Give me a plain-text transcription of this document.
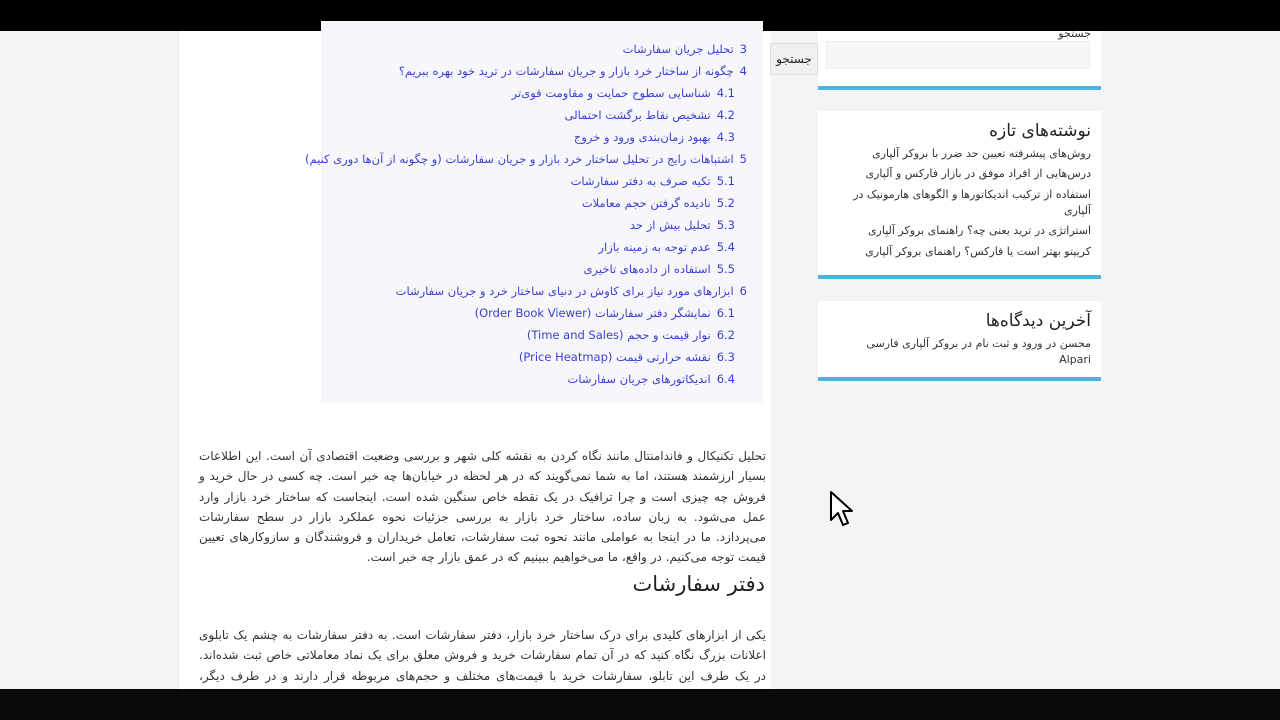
3تحلیل جریان سفارشات
4چگونه از ساختار خرد بازار و جریان سفارشات در ترید خود بهره ببریم؟
4.1شناسایی سطوح حمایت و مقاومت قوی‌تر
4.2تشخیص نقاط برگشت احتمالی
4.3بهبود زمان‌بندی ورود و خروج
5اشتباهات رایج در تحلیل ساختار خرد بازار و جریان سفارشات (و چگونه از آن‌ها دوری کنیم)
5.1تکیه صرف به دفتر سفارشات
5.2نادیده گرفتن حجم معاملات
5.3تحلیل بیش از حد
5.4عدم توجه به زمینه بازار
5.5استفاده از داده‌های تاخیری
6ابزارهای مورد نیاز برای کاوش در دنیای ساختار خرد و جریان سفارشات
6.1نمایشگر دفتر سفارشات (Order Book Viewer)
6.2نوار قیمت و حجم (Time and Sales)
6.3نقشه حرارتی قیمت (Price Heatmap)
6.4اندیکاتورهای جریان سفارشات

تحلیل تکنیکال و فاندامنتال مانند نگاه کردن به نقشه کلی شهر و بررسی وضعیت اقتصادی آن است. این اطلاعات بسیار ارزشمند هستند، اما به شما نمی‌گویند که در هر لحظه در خیابان‌ها چه خبر است. چه کسی در حال خرید و فروش چه چیزی است و چرا ترافیک در یک نقطه خاص سنگین شده است. اینجاست که ساختار خرد بازار وارد عمل می‌شود. به زبان ساده، ساختار خرد بازار به بررسی جزئیات نحوه عملکرد بازار در سطح سفارشات می‌پردازد. ما در اینجا به عواملی مانند نحوه ثبت سفارشات، تعامل خریداران و فروشندگان و سازوکارهای تعیین قیمت توجه می‌کنیم. در واقع، ما می‌خواهیم ببینیم که در عمق بازار چه خبر است.

دفتر سفارشات

یکی از ابزارهای کلیدی برای درک ساختار خرد بازار، دفتر سفارشات است. به دفتر سفارشات به چشم یک تابلوی اعلانات بزرگ نگاه کنید که در آن تمام سفارشات خرید و فروش معلق برای یک نماد معاملاتی خاص ثبت شده‌اند. در یک طرف این تابلو، سفارشات خرید با قیمت‌های مختلف و حجم‌های مربوطه قرار دارند و در طرف دیگر،

جستجو
جستجو
نوشته‌های تازه
روش‌های پیشرفته تعیین حد ضرر با بروکر آلپاری
درس‌هایی از افراد موفق در بازار فارکس و آلپاری
استفاده از ترکیب اندیکاتورها و الگوهای هارمونیک در آلپاری
استراتژی در ترید یعنی چه؟ راهنمای بروکر آلپاری
کریپتو بهتر است یا فارکس؟ راهنمای بروکر آلپاری
آخرین دیدگاه‌ها
محسن در ورود و ثبت نام در بروکر آلپاری فارسی Alpari
